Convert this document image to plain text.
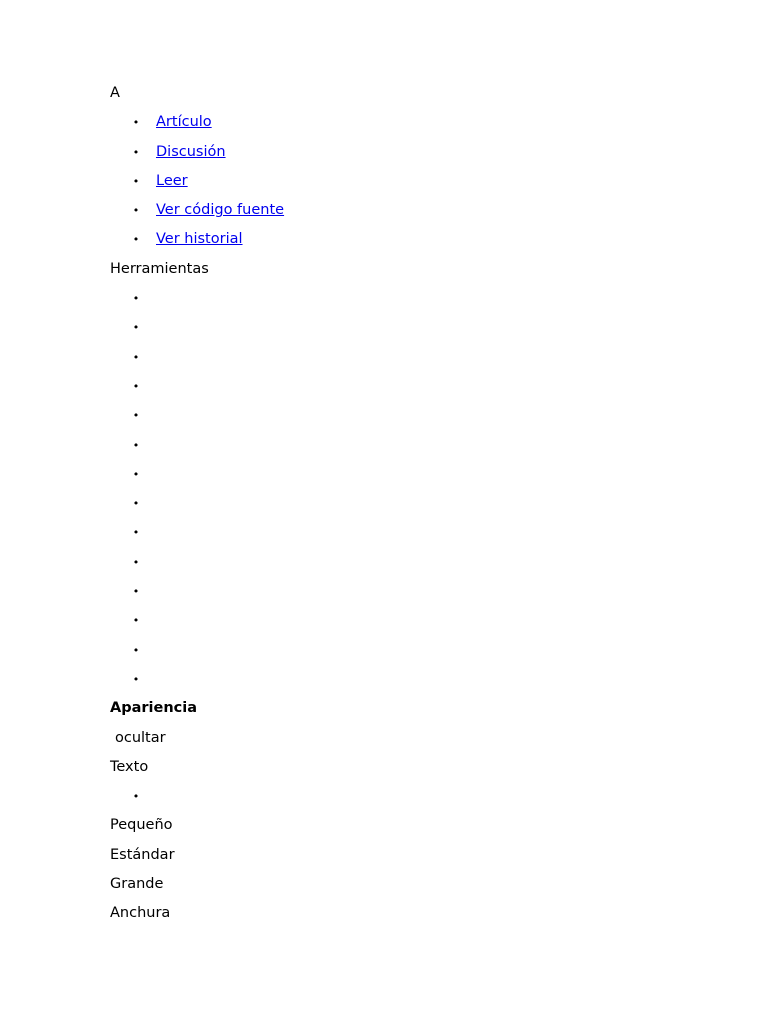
A
• Artículo
• Discusión
• Leer
• Ver código fuente
• Ver historial
Herramientas
•
•
•
•
•
•
•
•
•
•
•
•
•
•
Apariencia
ocultar
Texto
•
Pequeño
Estándar
Grande
Anchura
